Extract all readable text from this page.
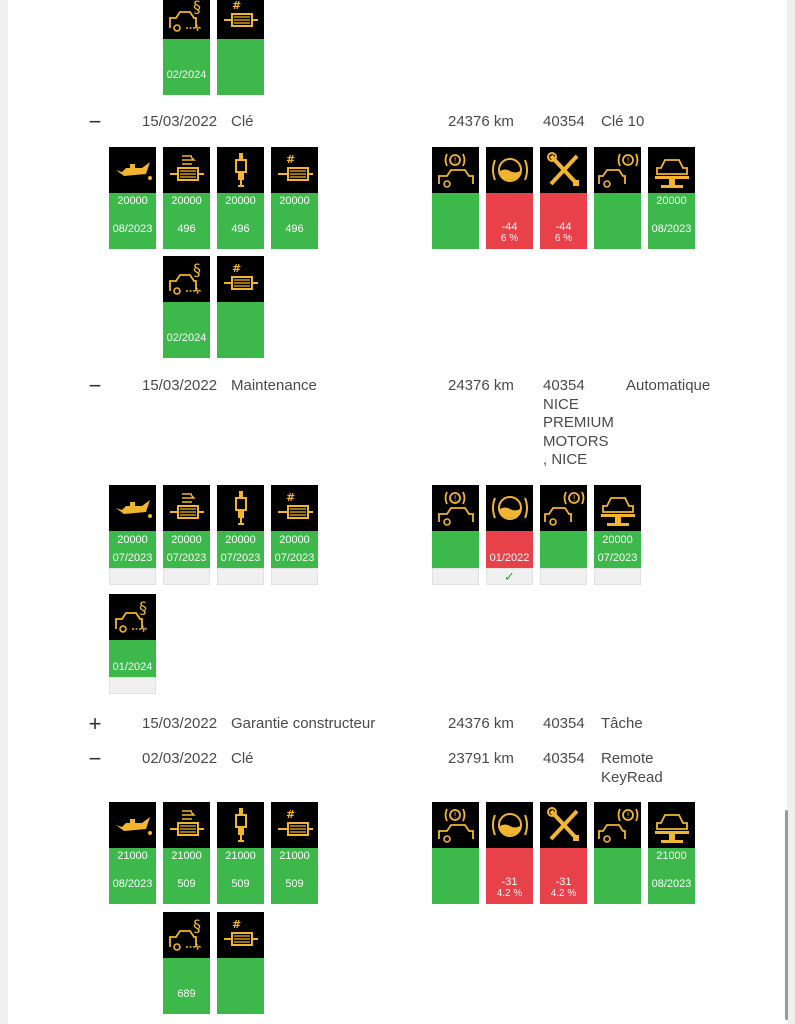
02/2024
#
−	15/03/2022 Clé	24376 km 40354 Clé 10
20000
08/2023
20000
496
20000
496
20000
496
02/2024
#
-44
6 %
-44
6 %
20000
08/2023
−	15/03/2022 Maintenance	24376 km 40354
NICE
PREMIUM
MOTORS
, NICE
Automatique
20000
07/2023
20000
07/2023
20000
07/2023
20000
07/2023
01/2024
01/2022
✓
20000
07/2023
+	15/03/2022 Garantie constructeur	24376 km 40354 Tâche
−	02/03/2022 Clé	23791 km 40354 Remote
KeyRead
21000
08/2023
21000
509
21000
509
21000
509
689
#
-31
4.2 %
-31
4.2 %
21000
08/2023
